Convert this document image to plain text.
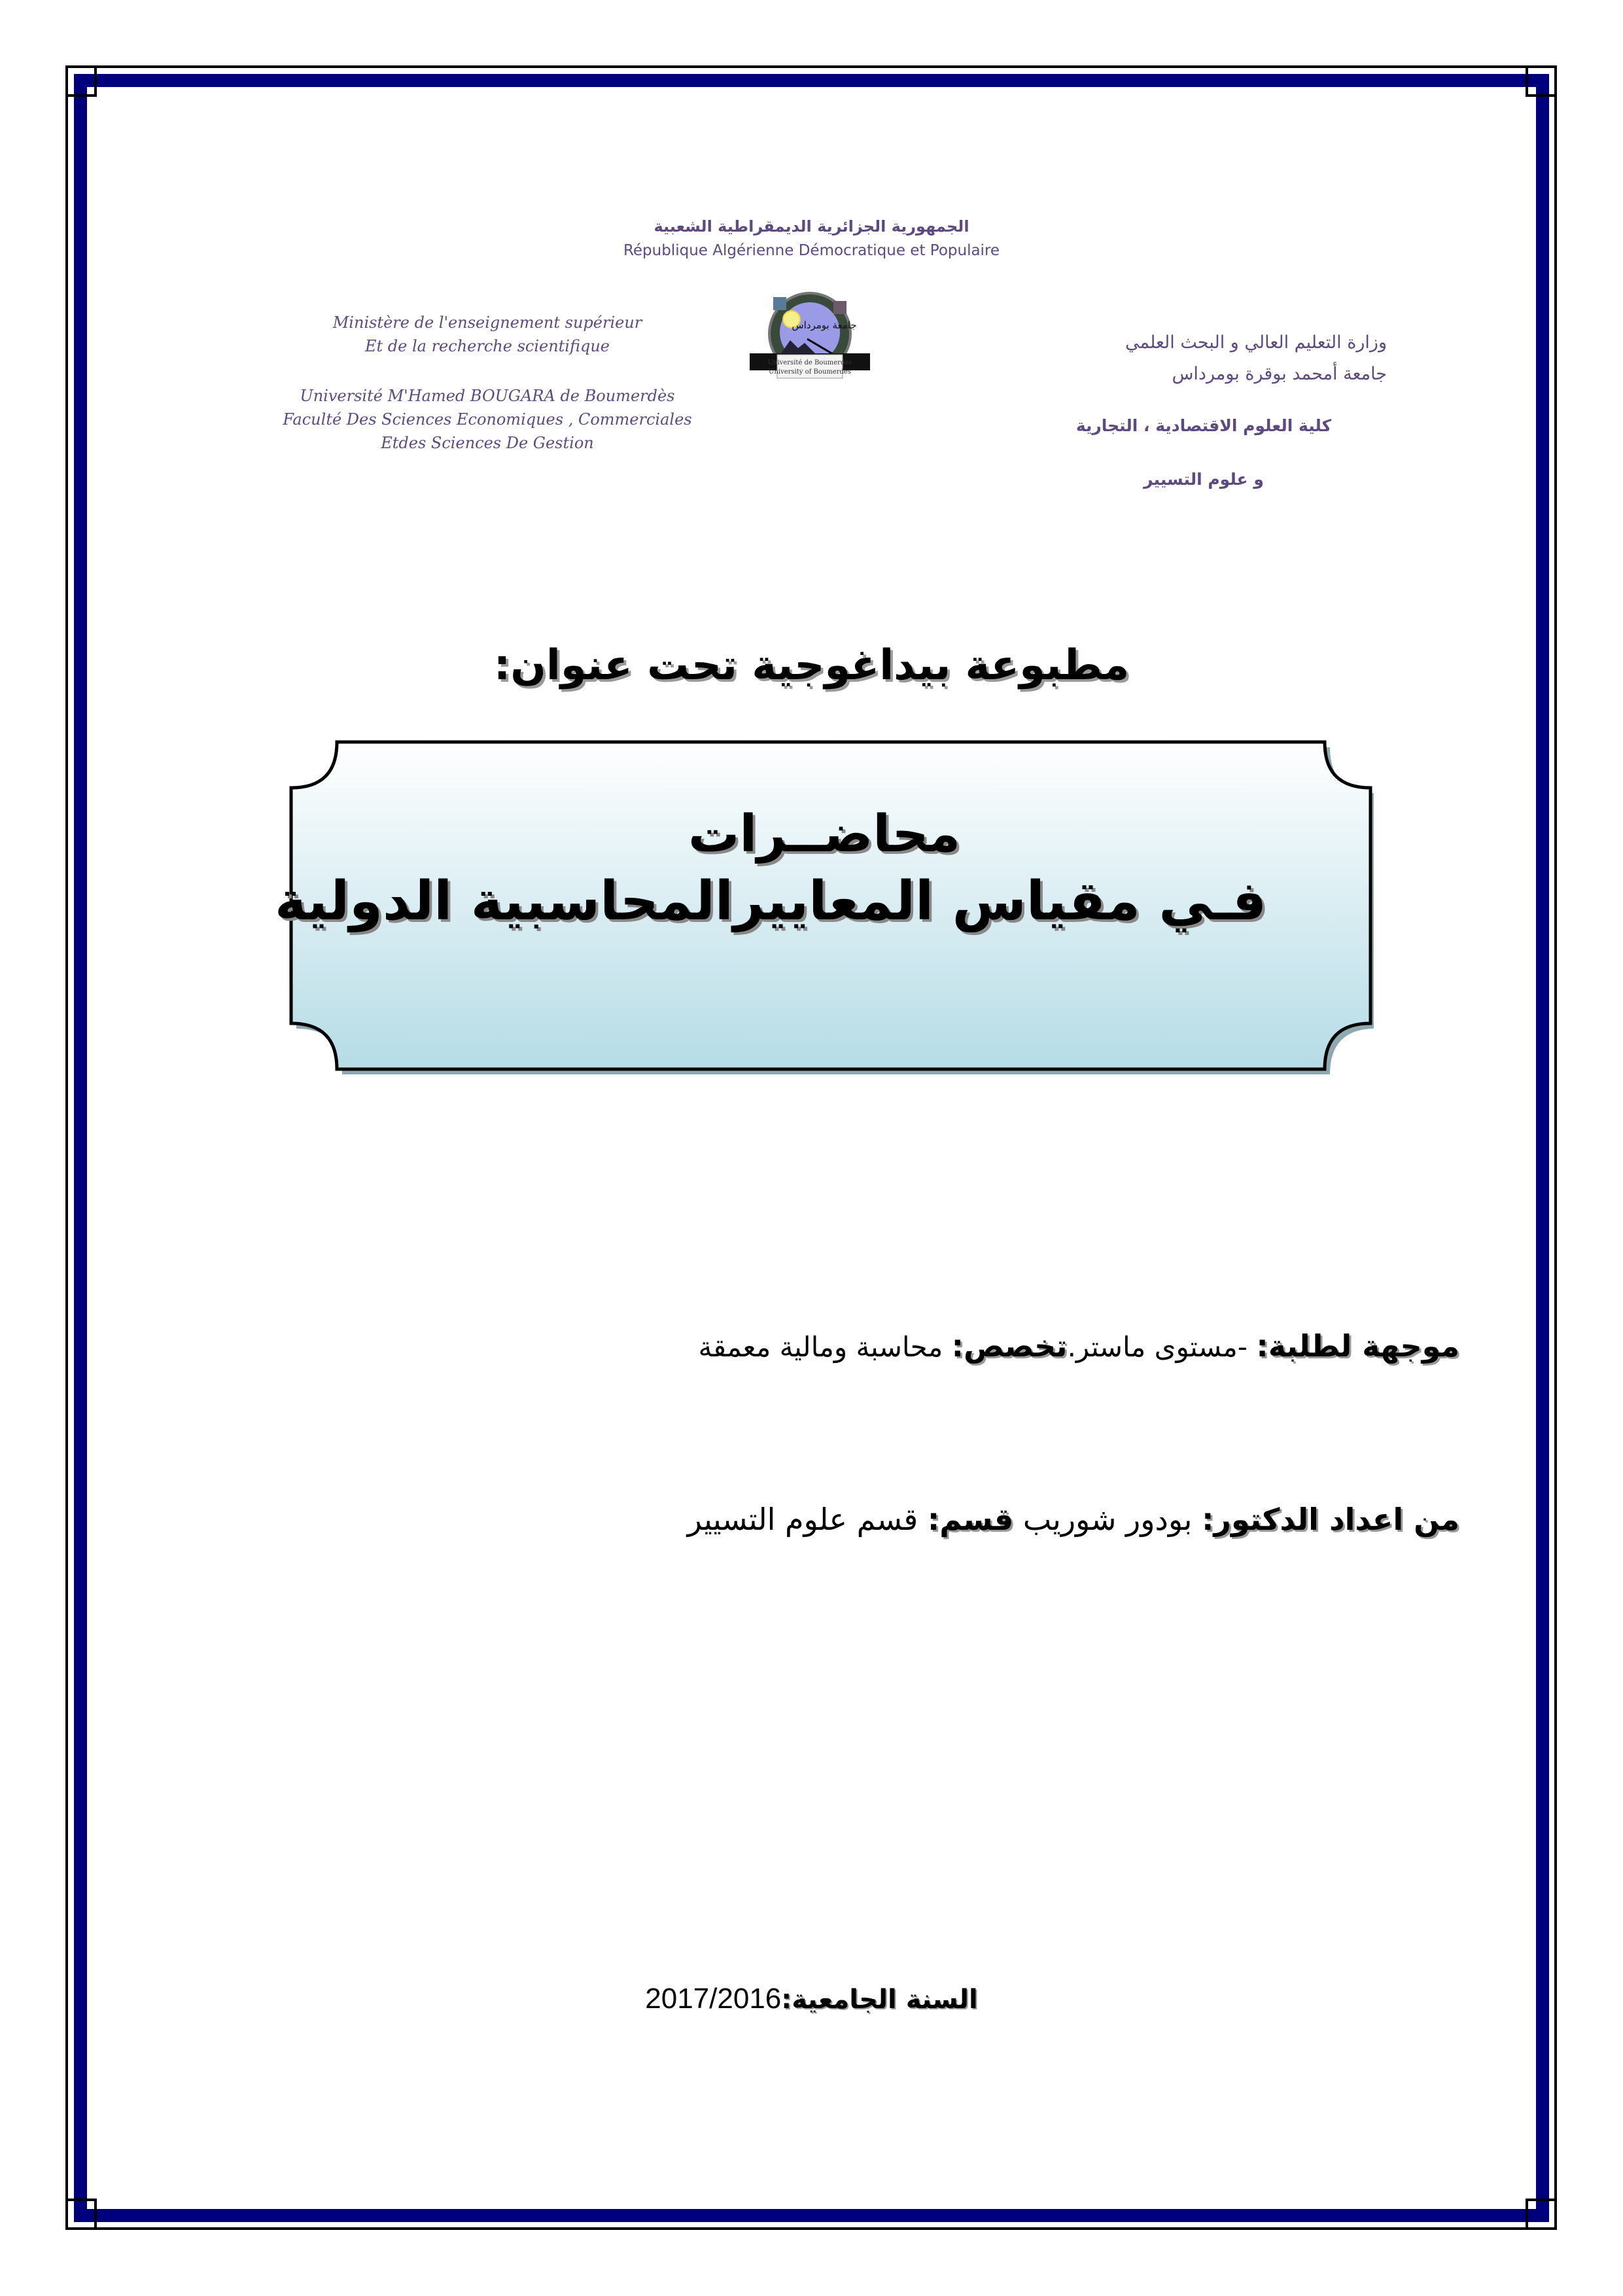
الجمهورية الجزائرية الديمقراطية الشعبية
République Algérienne Démocratique et Populaire
Ministère de l'enseignement supérieur
Et de la recherche scientifique
Université M'Hamed BOUGARA de Boumerdès
Faculté Des Sciences Economiques , Commerciales
Etdes Sciences De Gestion
جامعة بومرداس
Université de Boumerdes
University of Boumerdes
وزارة التعليم العالي و البحث العلمي
جامعة أمحمد بوقرة بومرداس
كلية العلوم الاقتصادية ، التجارية
و علوم التسيير
مطبوعة بيداغوجية تحت عنوان:
محاضــرات
فـي مقياس المعاييرالمحاسبية الدولية
موجهة لطلبة: -مستوى ماستر.تخصص: محاسبة ومالية معمقة
من اعداد الدكتور: بودور شوريب قسم: قسم علوم التسيير
السنة الجامعية:2017/2016
